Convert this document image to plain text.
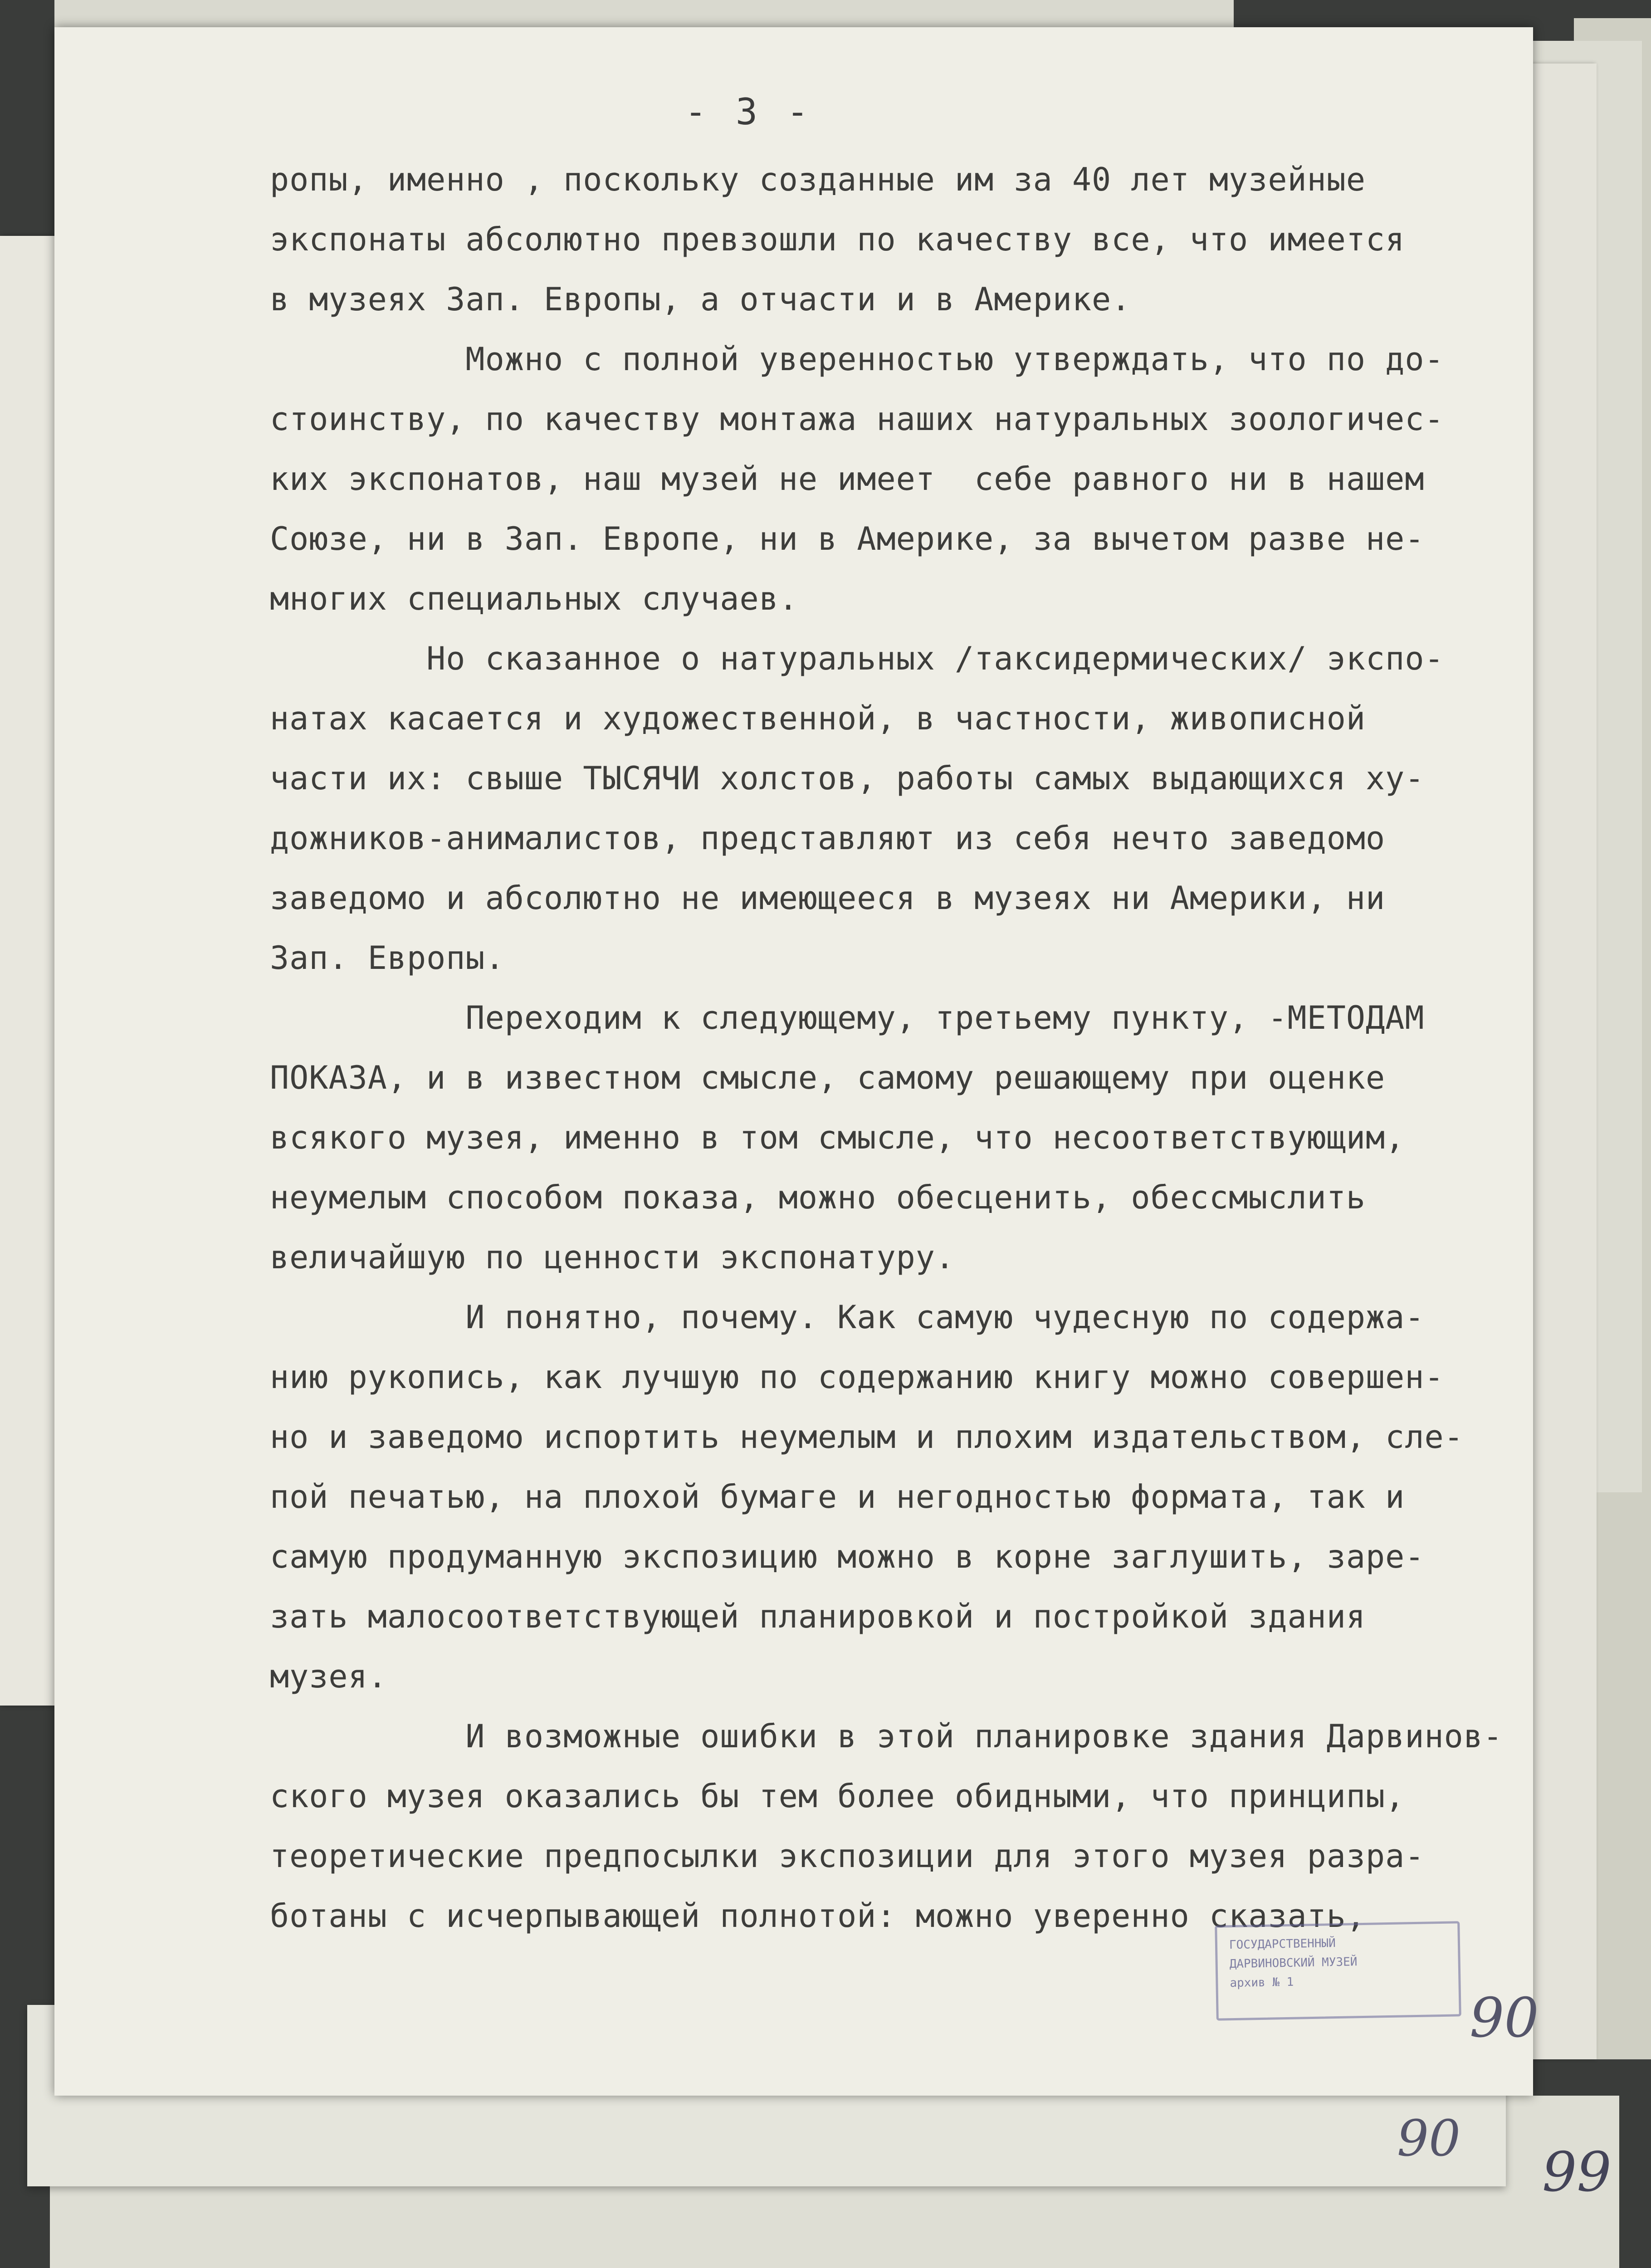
- 3 -
ропы, именно , поскольку созданные им за 40 лет музейные
экспонаты абсолютно превзошли по качеству все, что имеется
в музеях Зап. Европы, а отчасти и в Америке.
Можно с полной уверенностью утверждать, что по до-
стоинству, по качеству монтажа наших натуральных зоологичес-
ких экспонатов, наш музей не имеет  себе равного ни в нашем
Союзе, ни в Зап. Европе, ни в Америке, за вычетом разве не-
многих специальных случаев.
Но сказанное о натуральных /таксидермических/ экспо-
натах касается и художественной, в частности, живописной
части их: свыше ТЫСЯЧИ холстов, работы самых выдающихся ху-
дожников-анималистов, представляют из себя нечто заведомо
заведомо и абсолютно не имеющееся в музеях ни Америки, ни
Зап. Европы.
Переходим к следующему, третьему пункту, -МЕТОДАМ
ПОКАЗА, и в известном смысле, самому решающему при оценке
всякого музея, именно в том смысле, что несоответствующим,
неумелым способом показа, можно обесценить, обессмыслить
величайшую по ценности экспонатуру.
И понятно, почему. Как самую чудесную по содержа-
нию рукопись, как лучшую по содержанию книгу можно совершен-
но и заведомо испортить неумелым и плохим издательством, сле-
пой печатью, на плохой бумаге и негодностью формата, так и
самую продуманную экспозицию можно в корне заглушить, заре-
зать малосоответствующей планировкой и постройкой здания
музея.
И возможные ошибки в этой планировке здания Дарвинов-
ского музея оказались бы тем более обидными, что принципы,
теоретические предпосылки экспозиции для этого музея разра-
ботаны с исчерпывающей полнотой: можно уверенно сказать,
ГОСУДАРСТВЕННЫЙ
ДАРВИНОВСКИЙ МУЗЕЙ
архив № 1
90
90
99
